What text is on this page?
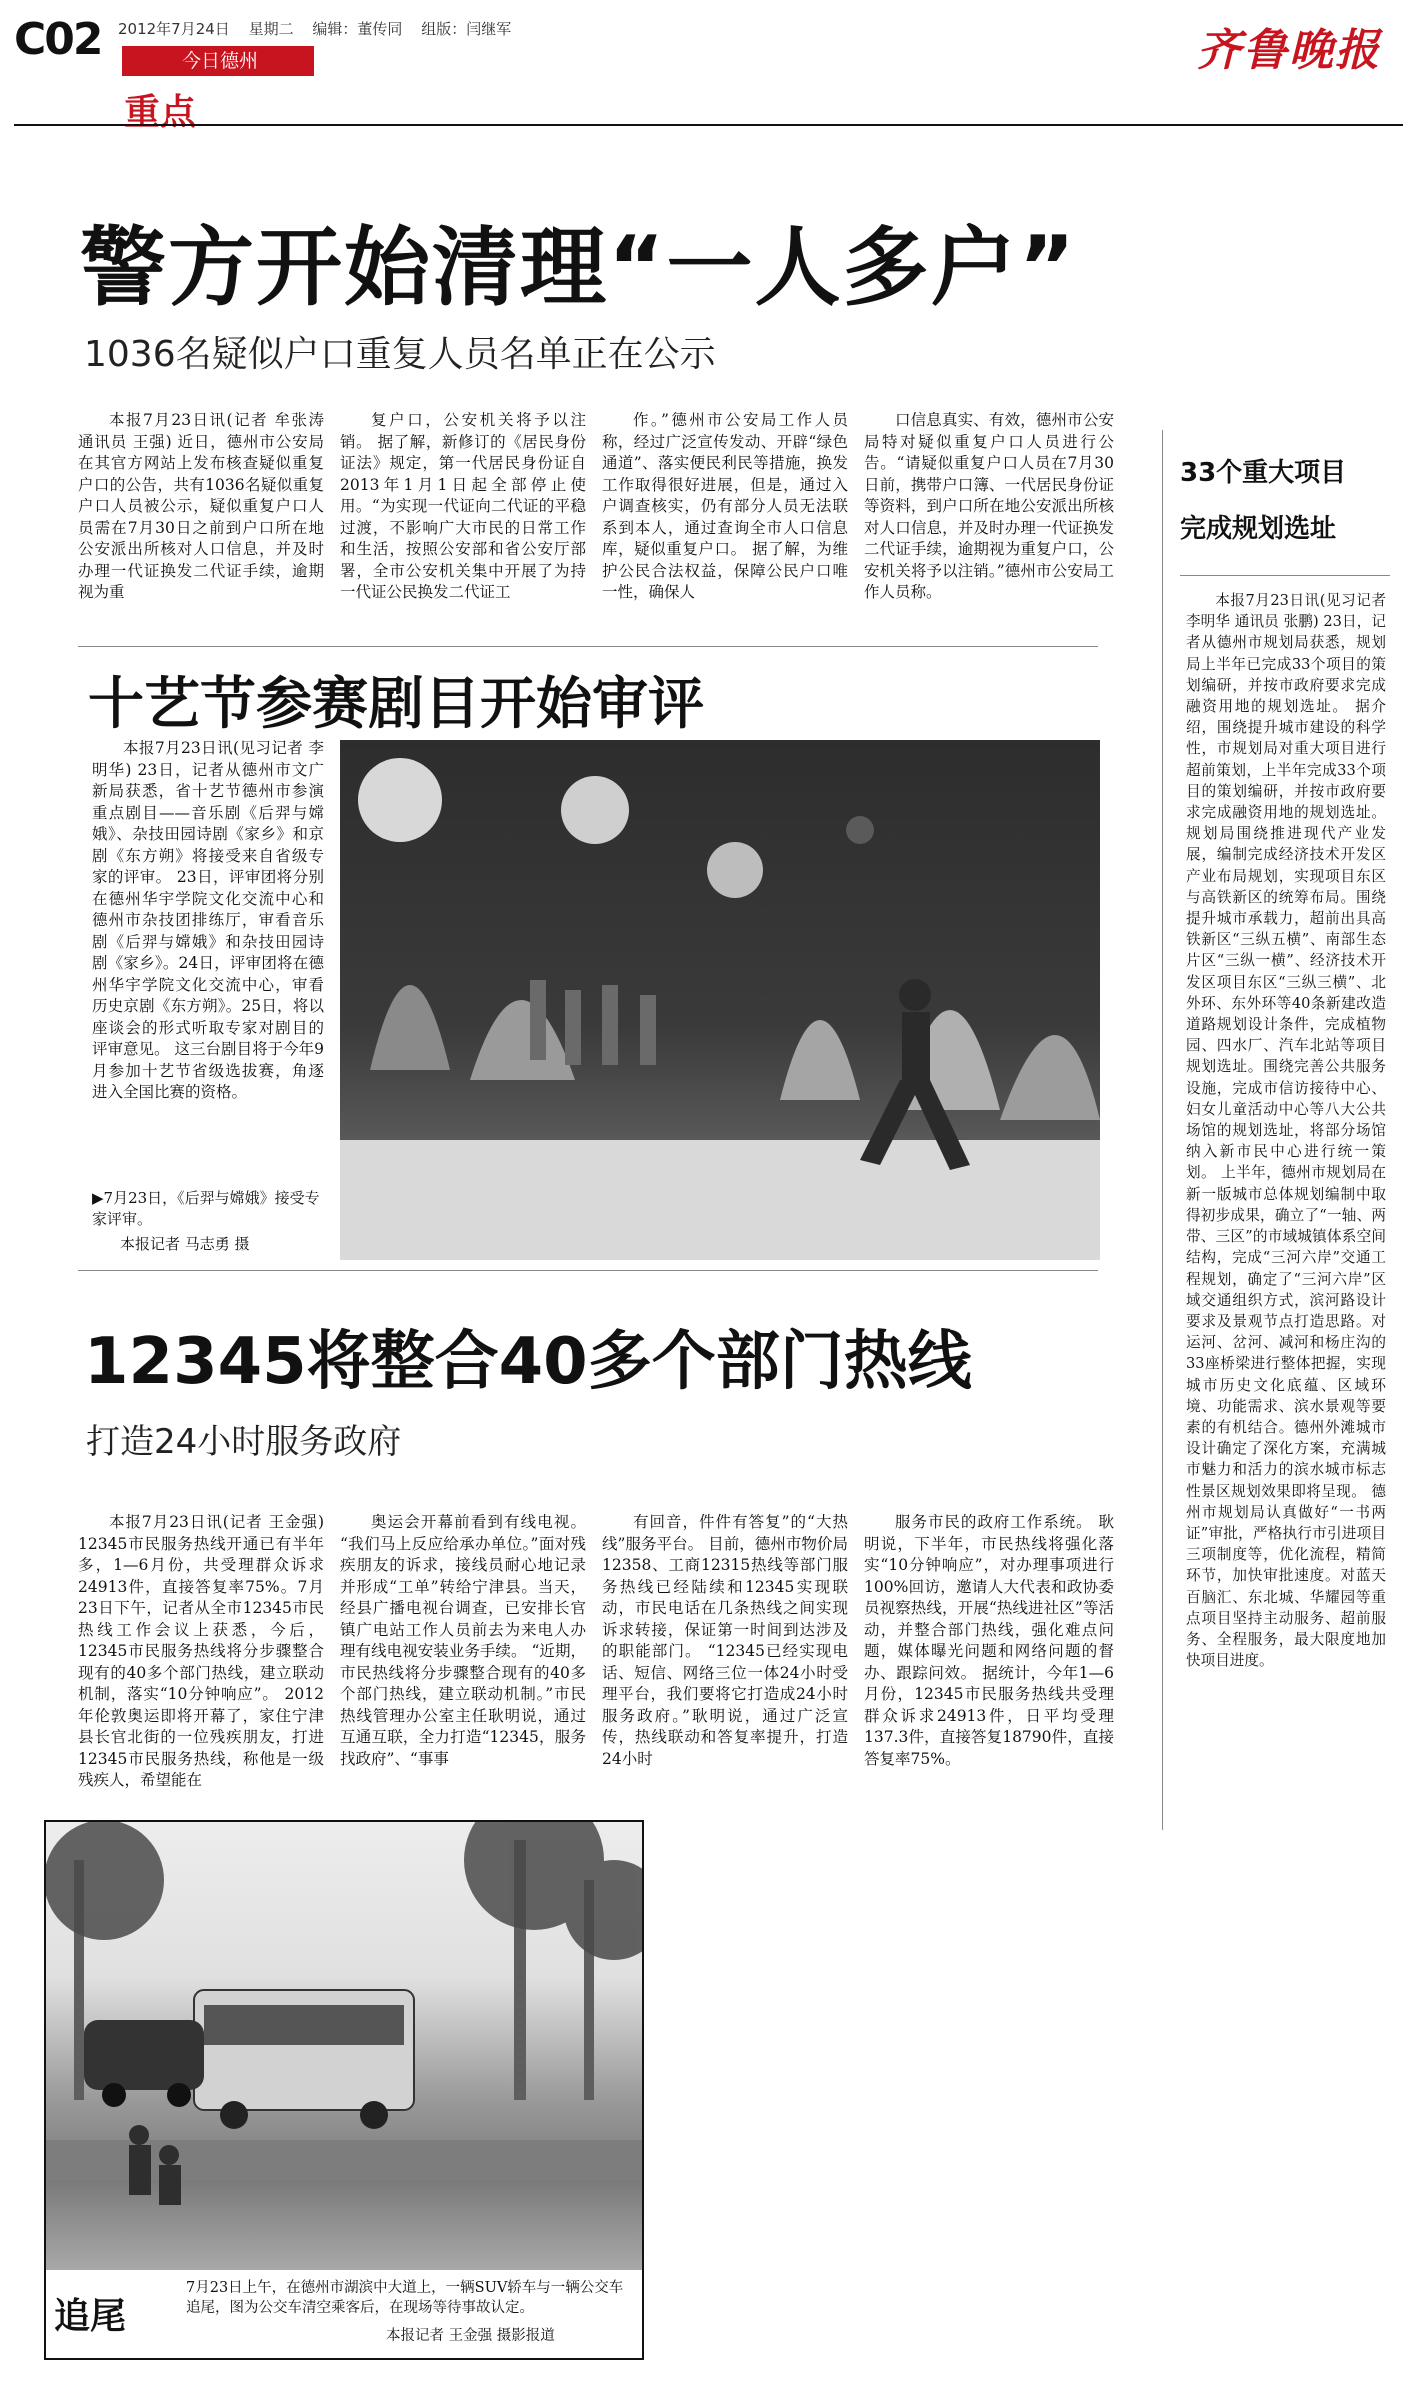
C02 2012年7月24日 星期二 编辑：董传同 组版：闫继军
今日德州
重点
齐鲁晚报
警方开始清理“一人多户”
1036名疑似户口重复人员名单正在公示

本报7月23日讯(记者 牟张涛 通讯员 王强) 近日，德州市公安局在其官方网站上发布核查疑似重复户口的公告，共有1036名疑似重复户口人员被公示，疑似重复户口人员需在7月30日之前到户口所在地公安派出所核对人口信息，并及时办理一代证换发二代证手续，逾期视为重

复户口，公安机关将予以注销。 据了解，新修订的《居民身份证法》规定，第一代居民身份证自2013年1月1日起全部停止使用。“为实现一代证向二代证的平稳过渡，不影响广大市民的日常工作和生活，按照公安部和省公安厅部署，全市公安机关集中开展了为持一代证公民换发二代证工

作。”德州市公安局工作人员称，经过广泛宣传发动、开辟“绿色通道”、落实便民利民等措施，换发工作取得很好进展，但是，通过入户调查核实，仍有部分人员无法联系到本人，通过查询全市人口信息库，疑似重复户口。 据了解，为维护公民合法权益，保障公民户口唯一性，确保人

口信息真实、有效，德州市公安局特对疑似重复户口人员进行公告。“请疑似重复户口人员在7月30日前，携带户口簿、一代居民身份证等资料，到户口所在地公安派出所核对人口信息，并及时办理一代证换发二代证手续，逾期视为重复户口，公安机关将予以注销。”德州市公安局工作人员称。

33个重大项目
完成规划选址

本报7月23日讯(见习记者 李明华 通讯员 张鹏) 23日，记者从德州市规划局获悉，规划局上半年已完成33个项目的策划编研，并按市政府要求完成融资用地的规划选址。 据介绍，围绕提升城市建设的科学性，市规划局对重大项目进行超前策划，上半年完成33个项目的策划编研，并按市政府要求完成融资用地的规划选址。规划局围绕推进现代产业发展，编制完成经济技术开发区产业布局规划，实现项目东区与高铁新区的统筹布局。围绕提升城市承载力，超前出具高铁新区“三纵五横”、南部生态片区“三纵一横”、经济技术开发区项目东区“三纵三横”、北外环、东外环等40条新建改造道路规划设计条件，完成植物园、四水厂、汽车北站等项目规划选址。围绕完善公共服务设施，完成市信访接待中心、妇女儿童活动中心等八大公共场馆的规划选址，将部分场馆纳入新市民中心进行统一策划。 上半年，德州市规划局在新一版城市总体规划编制中取得初步成果，确立了“一轴、两带、三区”的市域城镇体系空间结构，完成“三河六岸”交通工程规划，确定了“三河六岸”区域交通组织方式，滨河路设计要求及景观节点打造思路。对运河、岔河、减河和杨庄沟的33座桥梁进行整体把握，实现城市历史文化底蕴、区域环境、功能需求、滨水景观等要素的有机结合。德州外滩城市设计确定了深化方案，充满城市魅力和活力的滨水城市标志性景区规划效果即将呈现。 德州市规划局认真做好“一书两证”审批，严格执行市引进项目三项制度等，优化流程，精简环节，加快审批速度。对蓝天百脑汇、东北城、华耀园等重点项目坚持主动服务、超前服务、全程服务，最大限度地加快项目进度。

十艺节参赛剧目开始审评

本报7月23日讯(见习记者 李明华) 23日，记者从德州市文广新局获悉，省十艺节德州市参演重点剧目——音乐剧《后羿与嫦娥》、杂技田园诗剧《家乡》和京剧《东方朔》将接受来自省级专家的评审。 23日，评审团将分别在德州华宇学院文化交流中心和德州市杂技团排练厅，审看音乐剧《后羿与嫦娥》和杂技田园诗剧《家乡》。24日，评审团将在德州华宇学院文化交流中心，审看历史京剧《东方朔》。25日，将以座谈会的形式听取专家对剧目的评审意见。 这三台剧目将于今年9月参加十艺节省级选拔赛，角逐进入全国比赛的资格。

▶7月23日，《后羿与嫦娥》接受专家评审。
本报记者 马志勇 摄
12345将整合40多个部门热线
打造24小时服务政府

本报7月23日讯(记者 王金强) 12345市民服务热线开通已有半年多，1—6月份，共受理群众诉求24913件，直接答复率75%。7月23日下午，记者从全市12345市民热线工作会议上获悉，今后，12345市民服务热线将分步骤整合现有的40多个部门热线，建立联动机制，落实“10分钟响应”。 2012年伦敦奥运即将开幕了，家住宁津县长官北街的一位残疾朋友，打进12345市民服务热线，称他是一级残疾人，希望能在

奥运会开幕前看到有线电视。 “我们马上反应给承办单位。”面对残疾朋友的诉求，接线员耐心地记录并形成“工单”转给宁津县。当天，经县广播电视台调查，已安排长官镇广电站工作人员前去为来电人办理有线电视安装业务手续。 “近期，市民热线将分步骤整合现有的40多个部门热线，建立联动机制。”市民热线管理办公室主任耿明说，通过互通互联，全力打造“12345，服务找政府”、“事事

有回音，件件有答复”的“大热线”服务平台。 目前，德州市物价局12358、工商12315热线等部门服务热线已经陆续和12345实现联动，市民电话在几条热线之间实现诉求转接，保证第一时间到达涉及的职能部门。 “12345已经实现电话、短信、网络三位一体24小时受理平台，我们要将它打造成24小时服务政府。”耿明说，通过广泛宣传，热线联动和答复率提升，打造24小时

服务市民的政府工作系统。 耿明说，下半年，市民热线将强化落实“10分钟响应”，对办理事项进行100%回访，邀请人大代表和政协委员视察热线，开展“热线进社区”等活动，并整合部门热线，强化难点问题，媒体曝光问题和网络问题的督办、跟踪问效。 据统计，今年1—6月份，12345市民服务热线共受理群众诉求24913件，日平均受理137.3件，直接答复18790件，直接答复率75%。

追尾
7月23日上午，在德州市湖滨中大道上，一辆SUV轿车与一辆公交车追尾，图为公交车清空乘客后，在现场等待事故认定。
本报记者 王金强 摄影报道
